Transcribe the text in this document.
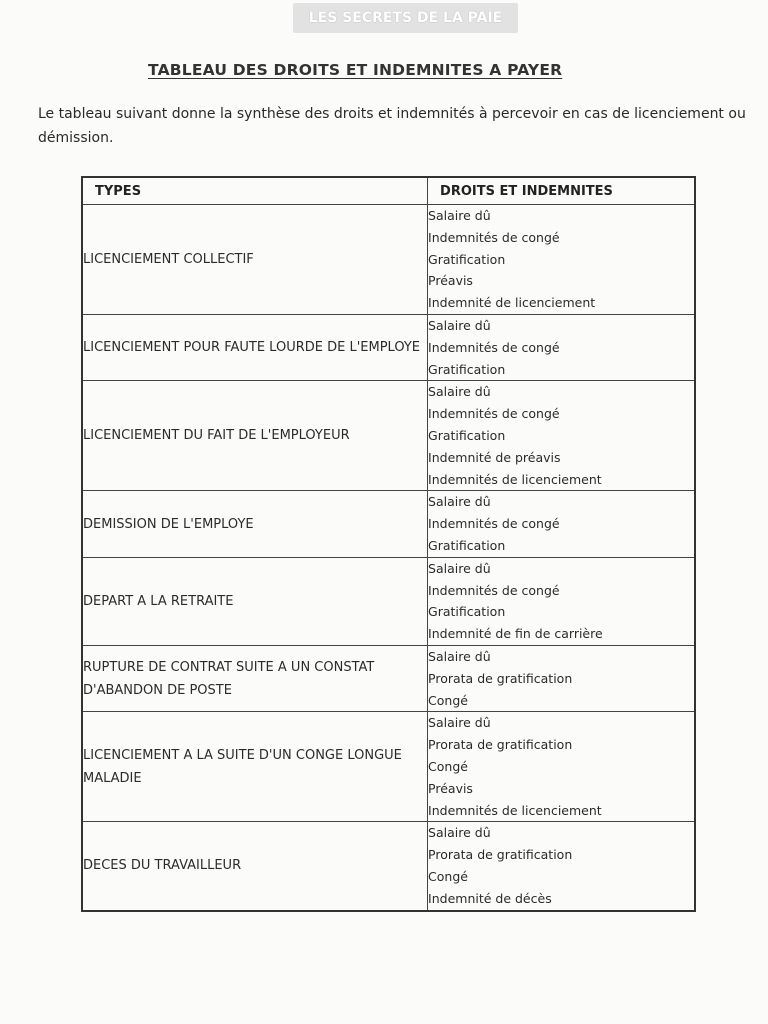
LES SECRETS DE LA PAIE
TABLEAU DES DROITS ET INDEMNITES A PAYER
Le tableau suivant donne la synthèse des droits et indemnités à percevoir en cas de licenciement ou démission.
TYPES	DROITS ET INDEMNITES
LICENCIEMENT COLLECTIF	Salaire dû
Indemnités de congé
Gratification
Préavis
Indemnité de licenciement

LICENCIEMENT POUR FAUTE LOURDE DE L'EMPLOYE	Salaire dû
Indemnités de congé
Gratification

LICENCIEMENT DU FAIT DE L'EMPLOYEUR	Salaire dû
Indemnités de congé
Gratification
Indemnité de préavis
Indemnités de licenciement

DEMISSION DE L'EMPLOYE	Salaire dû
Indemnités de congé
Gratification

DEPART A LA RETRAITE	Salaire dû
Indemnités de congé
Gratification
Indemnité de fin de carrière

RUPTURE DE CONTRAT SUITE A UN CONSTAT D'ABANDON DE POSTE	Salaire dû
Prorata de gratification
Congé

LICENCIEMENT A LA SUITE D'UN CONGE LONGUE MALADIE	Salaire dû
Prorata de gratification
Congé
Préavis
Indemnités de licenciement

DECES DU TRAVAILLEUR	Salaire dû
Prorata de gratification
Congé
Indemnité de décès
